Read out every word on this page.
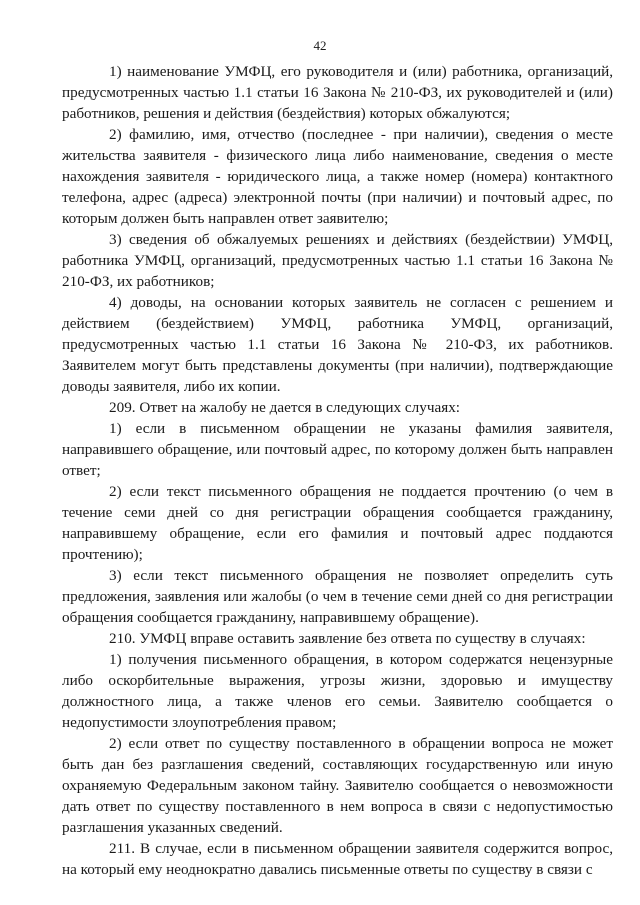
42

1) наименование УМФЦ, его руководителя и (или) работника, организаций, предусмотренных частью 1.1 статьи 16 Закона № 210-ФЗ, их руководителей и (или) работников, решения и действия (бездействия) которых обжалуются;

2) фамилию, имя, отчество (последнее - при наличии), сведения о месте жительства заявителя - физического лица либо наименование, сведения о месте нахождения заявителя - юридического лица, а также номер (номера) контактного телефона, адрес (адреса) электронной почты (при наличии) и почтовый адрес, по которым должен быть направлен ответ заявителю;

3) сведения об обжалуемых решениях и действиях (бездействии) УМФЦ, работника УМФЦ, организаций, предусмотренных частью 1.1 статьи 16 Закона № 210-ФЗ, их работников;

4) доводы, на основании которых заявитель не согласен с решением и действием (бездействием) УМФЦ, работника УМФЦ, организаций, предусмотренных частью 1.1 статьи 16 Закона № 210-ФЗ, их работников. Заявителем могут быть представлены документы (при наличии), подтверждающие доводы заявителя, либо их копии.

209. Ответ на жалобу не дается в следующих случаях:

1) если в письменном обращении не указаны фамилия заявителя, направившего обращение, или почтовый адрес, по которому должен быть направлен ответ;

2) если текст письменного обращения не поддается прочтению (о чем в течение семи дней со дня регистрации обращения сообщается гражданину, направившему обращение, если его фамилия и почтовый адрес поддаются прочтению);

3) если текст письменного обращения не позволяет определить суть предложения, заявления или жалобы (о чем в течение семи дней со дня регистрации обращения сообщается гражданину, направившему обращение).

210. УМФЦ вправе оставить заявление без ответа по существу в случаях:

1) получения письменного обращения, в котором содержатся нецензурные либо оскорбительные выражения, угрозы жизни, здоровью и имуществу должностного лица, а также членов его семьи. Заявителю сообщается о недопустимости злоупотребления правом;

2) если ответ по существу поставленного в обращении вопроса не может быть дан без разглашения сведений, составляющих государственную или иную охраняемую Федеральным законом тайну. Заявителю сообщается о невозможности дать ответ по существу поставленного в нем вопроса в связи с недопустимостью разглашения указанных сведений.

211. В случае, если в письменном обращении заявителя содержится вопрос, на который ему неоднократно давались письменные ответы по существу в связи с
